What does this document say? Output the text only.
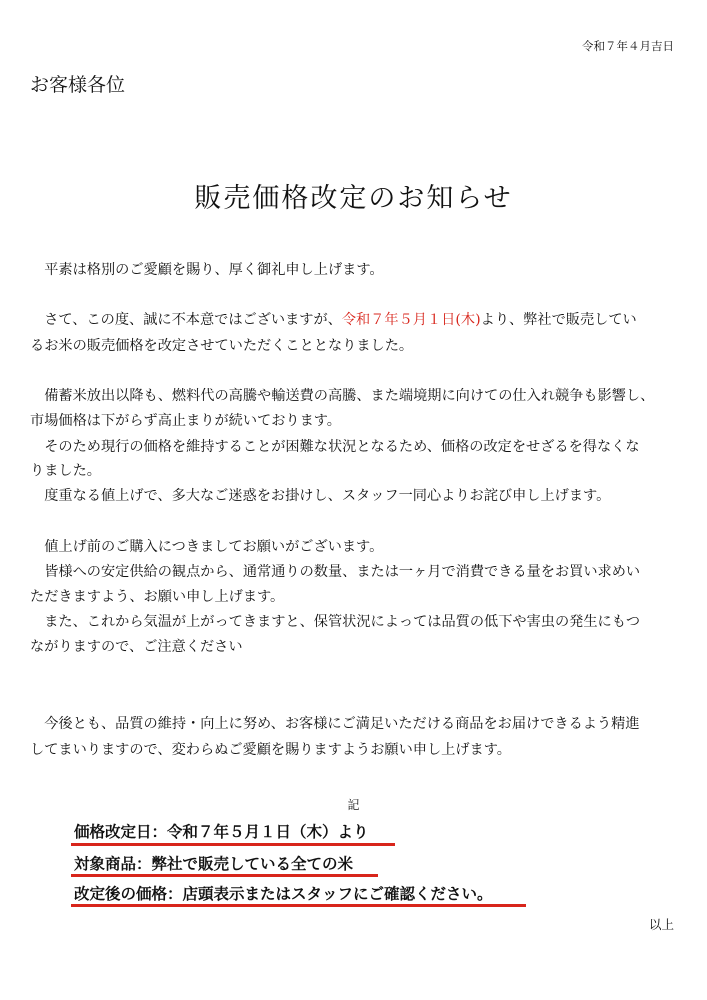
令和７年４月吉日
お客様各位
販売価格改定のお知らせ
　平素は格別のご愛顧を賜り、厚く御礼申し上げます。
　さて、この度、誠に不本意ではございますが、令和７年５月１日(木)より、弊社で販売してい
るお米の販売価格を改定させていただくこととなりました。
　備蓄米放出以降も、燃料代の高騰や輸送費の高騰、また端境期に向けての仕入れ競争も影響し、
市場価格は下がらず高止まりが続いております。
　そのため現行の価格を維持することが困難な状況となるため、価格の改定をせざるを得なくな
りました。
　度重なる値上げで、多大なご迷惑をお掛けし、スタッフ一同心よりお詫び申し上げます。
　値上げ前のご購入につきましてお願いがございます。
　皆様への安定供給の観点から、通常通りの数量、または一ヶ月で消費できる量をお買い求めい
ただきますよう、お願い申し上げます。
　また、これから気温が上がってきますと、保管状況によっては品質の低下や害虫の発生にもつ
ながりますので、ご注意ください
　今後とも、品質の維持・向上に努め、お客様にご満足いただける商品をお届けできるよう精進
してまいりますので、変わらぬご愛顧を賜りますようお願い申し上げます。
記
価格改定日：令和７年５月１日（木）より
対象商品：弊社で販売している全ての米
改定後の価格：店頭表示またはスタッフにご確認ください。
以上
